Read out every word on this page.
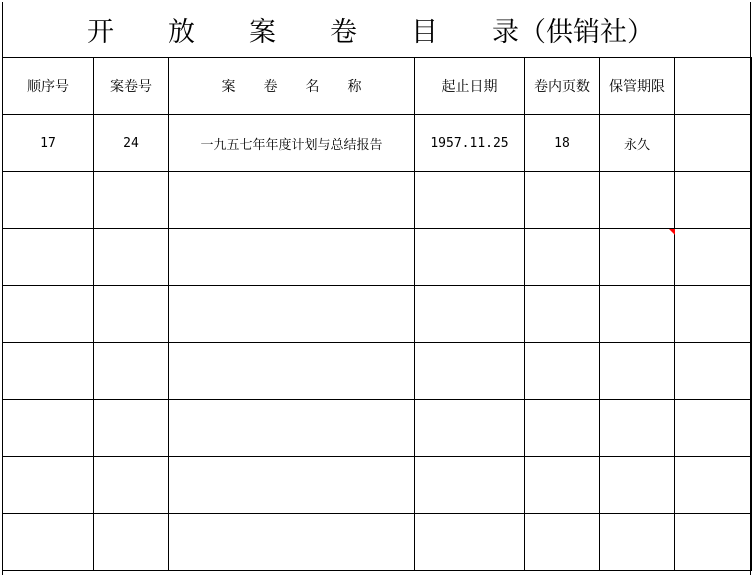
开　　放　　案　　卷　　目　　录（供销社）
顺序号	案卷号	案　　卷　　名　　称	起止日期	卷内页数	保管期限	
17	24	一九五七年年度计划与总结报告	1957.11.25	18	永久	
